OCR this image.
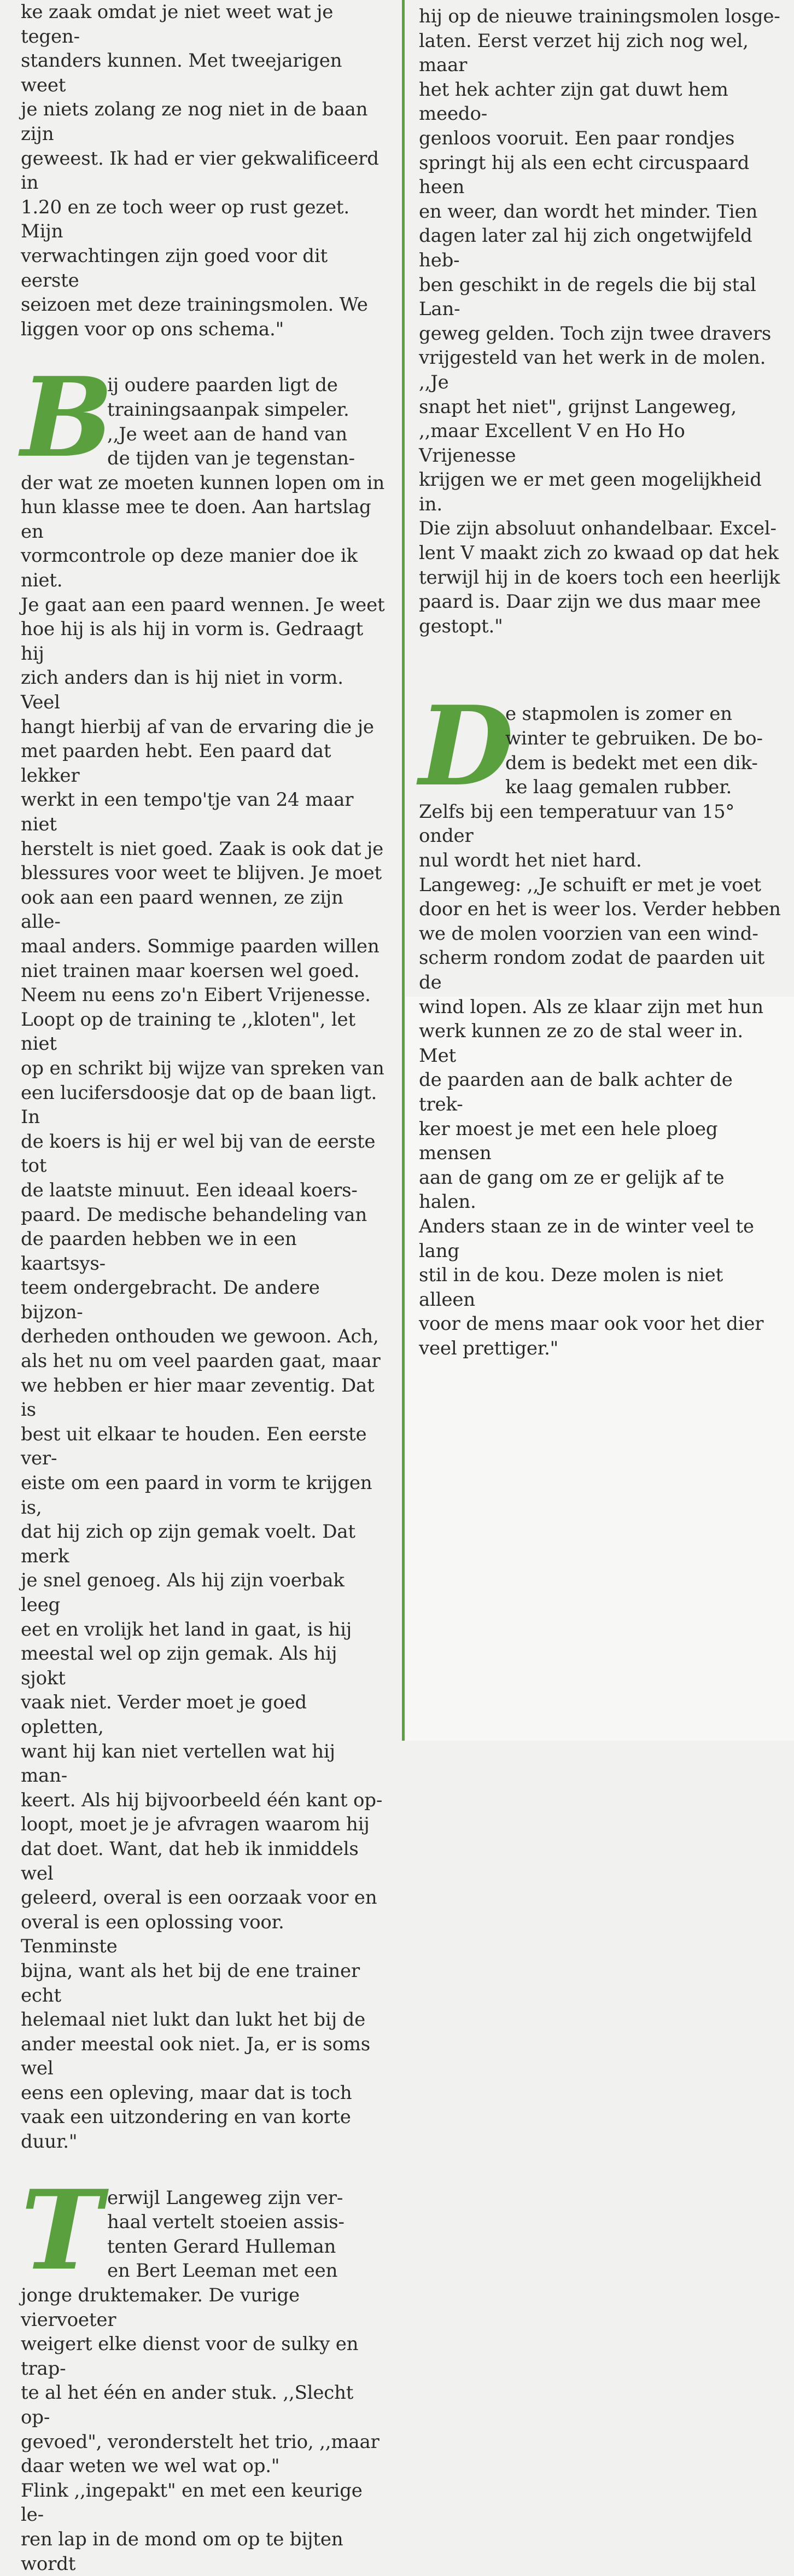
ke zaak omdat je niet weet wat je tegen-
standers kunnen. Met tweejarigen weet
je niets zolang ze nog niet in de baan zijn
geweest. Ik had er vier gekwalificeerd in
1.20 en ze toch weer op rust gezet. Mijn
verwachtingen zijn goed voor dit eerste
seizoen met deze trainingsmolen. We
liggen voor op ons schema."

B

ij oudere paarden ligt de
trainingsaanpak simpeler.
,,Je weet aan de hand van
de tijden van je tegenstan-
der wat ze moeten kunnen lopen om in
hun klasse mee te doen. Aan hartslag en
vormcontrole op deze manier doe ik niet.
Je gaat aan een paard wennen. Je weet
hoe hij is als hij in vorm is. Gedraagt hij
zich anders dan is hij niet in vorm. Veel
hangt hierbij af van de ervaring die je
met paarden hebt. Een paard dat lekker
werkt in een tempo'tje van 24 maar niet
herstelt is niet goed. Zaak is ook dat je
blessures voor weet te blijven. Je moet
ook aan een paard wennen, ze zijn alle-
maal anders. Sommige paarden willen
niet trainen maar koersen wel goed.
Neem nu eens zo'n Eibert Vrijenesse.
Loopt op de training te ,,kloten", let niet
op en schrikt bij wijze van spreken van
een lucifersdoosje dat op de baan ligt. In
de koers is hij er wel bij van de eerste tot
de laatste minuut. Een ideaal koers-
paard. De medische behandeling van
de paarden hebben we in een kaartsys-
teem ondergebracht. De andere bijzon-
derheden onthouden we gewoon. Ach,
als het nu om veel paarden gaat, maar
we hebben er hier maar zeventig. Dat is
best uit elkaar te houden. Een eerste ver-
eiste om een paard in vorm te krijgen is,
dat hij zich op zijn gemak voelt. Dat merk
je snel genoeg. Als hij zijn voerbak leeg
eet en vrolijk het land in gaat, is hij
meestal wel op zijn gemak. Als hij sjokt
vaak niet. Verder moet je goed opletten,
want hij kan niet vertellen wat hij man-
keert. Als hij bijvoorbeeld één kant op-
loopt, moet je je afvragen waarom hij
dat doet. Want, dat heb ik inmiddels wel
geleerd, overal is een oorzaak voor en
overal is een oplossing voor. Tenminste
bijna, want als het bij de ene trainer echt
helemaal niet lukt dan lukt het bij de
ander meestal ook niet. Ja, er is soms wel
eens een opleving, maar dat is toch
vaak een uitzondering en van korte
duur."

T erwijl Langeweg zijn ver-
haal vertelt stoeien assis-
tenten Gerard Hulleman
en Bert Leeman met een
jonge druktemaker. De vurige viervoeter
weigert elke dienst voor de sulky en trap-
te al het één en ander stuk. ,,Slecht op-
gevoed", veronderstelt het trio, ,,maar
daar weten we wel wat op."
Flink ,,ingepakt" en met een keurige le-
ren lap in de mond om op te bijten wordt

hij op de nieuwe trainingsmolen losge-
laten. Eerst verzet hij zich nog wel, maar
het hek achter zijn gat duwt hem meedo-
genloos vooruit. Een paar rondjes
springt hij als een echt circuspaard heen
en weer, dan wordt het minder. Tien
dagen later zal hij zich ongetwijfeld heb-
ben geschikt in de regels die bij stal Lan-
geweg gelden. Toch zijn twee dravers
vrijgesteld van het werk in de molen. ,,Je
snapt het niet", grijnst Langeweg,
,,maar Excellent V en Ho Ho Vrijenesse
krijgen we er met geen mogelijkheid in.
Die zijn absoluut onhandelbaar. Excel-
lent V maakt zich zo kwaad op dat hek
terwijl hij in de koers toch een heerlijk
paard is. Daar zijn we dus maar mee
gestopt."

D

e stapmolen is zomer en
winter te gebruiken. De bo-
dem is bedekt met een dik-
ke laag gemalen rubber.
Zelfs bij een temperatuur van 15° onder
nul wordt het niet hard.
Langeweg: ,,Je schuift er met je voet
door en het is weer los. Verder hebben
we de molen voorzien van een wind-
scherm rondom zodat de paarden uit de
wind lopen. Als ze klaar zijn met hun
werk kunnen ze zo de stal weer in. Met
de paarden aan de balk achter de trek-
ker moest je met een hele ploeg mensen
aan de gang om ze er gelijk af te halen.
Anders staan ze in de winter veel te lang
stil in de kou. Deze molen is niet alleen
voor de mens maar ook voor het dier
veel prettiger."
